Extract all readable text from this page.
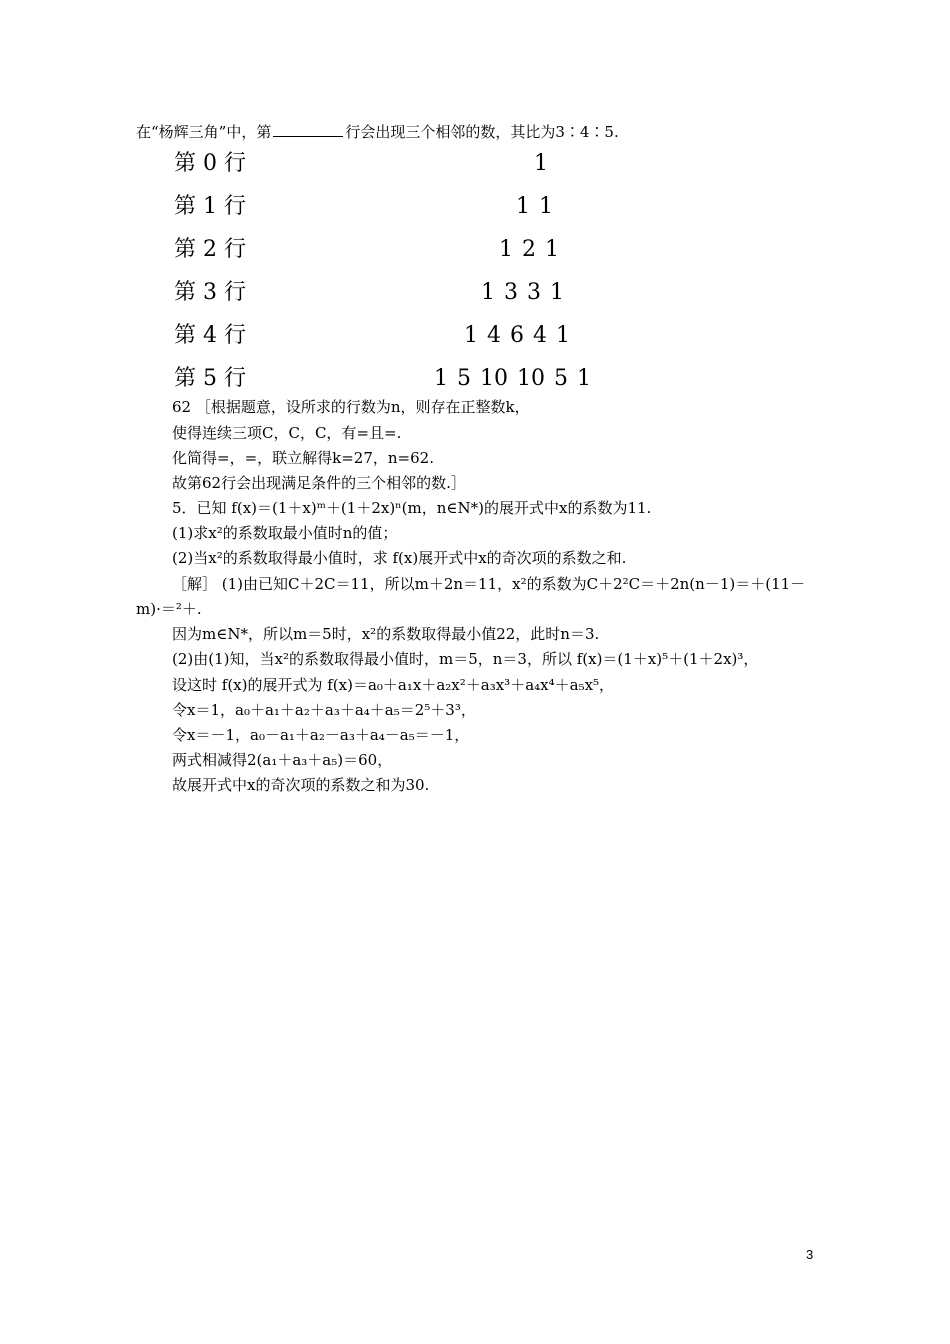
在“杨辉三角”中，第	行会出现三个相邻的数，其比为3∶4∶5.
第 0 行	1
第 1 行	1 1
第 2 行	1 2 1
第 3 行	1 3 3 1
第 4 行	1 4 6 4 1
第 5 行	1 5 10 10 5 1
62 ［根据题意，设所求的行数为n，则存在正整数k，
使得连续三项C，C，C，有=且=.
化简得=，=，联立解得k=27，n=62.
故第62行会出现满足条件的三个相邻的数.］
5．已知 f(x)＝(1＋x)ᵐ＋(1＋2x)ⁿ(m，n∈N*)的展开式中x的系数为11.
(1)求x²的系数取最小值时n的值；
(2)当x²的系数取得最小值时，求 f(x)展开式中x的奇次项的系数之和.
［解］ (1)由已知C＋2C＝11，所以m＋2n＝11，x²的系数为C＋2²C＝＋2n(n－1)＝＋(11－
m)·＝²＋.
因为m∈N*，所以m＝5时，x²的系数取得最小值22，此时n＝3.
(2)由(1)知，当x²的系数取得最小值时，m＝5，n＝3，所以 f(x)＝(1＋x)⁵＋(1＋2x)³，
设这时 f(x)的展开式为 f(x)＝a₀＋a₁x＋a₂x²＋a₃x³＋a₄x⁴＋a₅x⁵，
令x＝1，a₀＋a₁＋a₂＋a₃＋a₄＋a₅＝2⁵＋3³，
令x＝－1，a₀－a₁＋a₂－a₃＋a₄－a₅＝－1，
两式相减得2(a₁＋a₃＋a₅)＝60，
故展开式中x的奇次项的系数之和为30.
3
